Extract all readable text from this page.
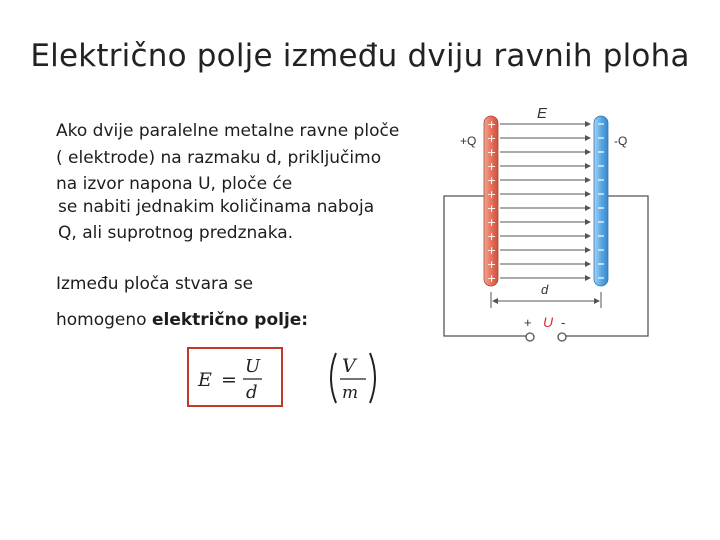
Električno polje između dviju ravnih ploha
Ako dvije paralelne metalne ravne ploče
( elektrode) na razmaku d, priključimo
na izvor napona U, ploče će
se nabiti jednakim količinama naboja
Q, ali suprotnog predznaka.
Između ploča stvara se
homogeno električno polje:
E =
U
d
V
m
+ U -
+
+
+
+
+
+
+
+
+
+
+
+
E
+Q	-Q
d
